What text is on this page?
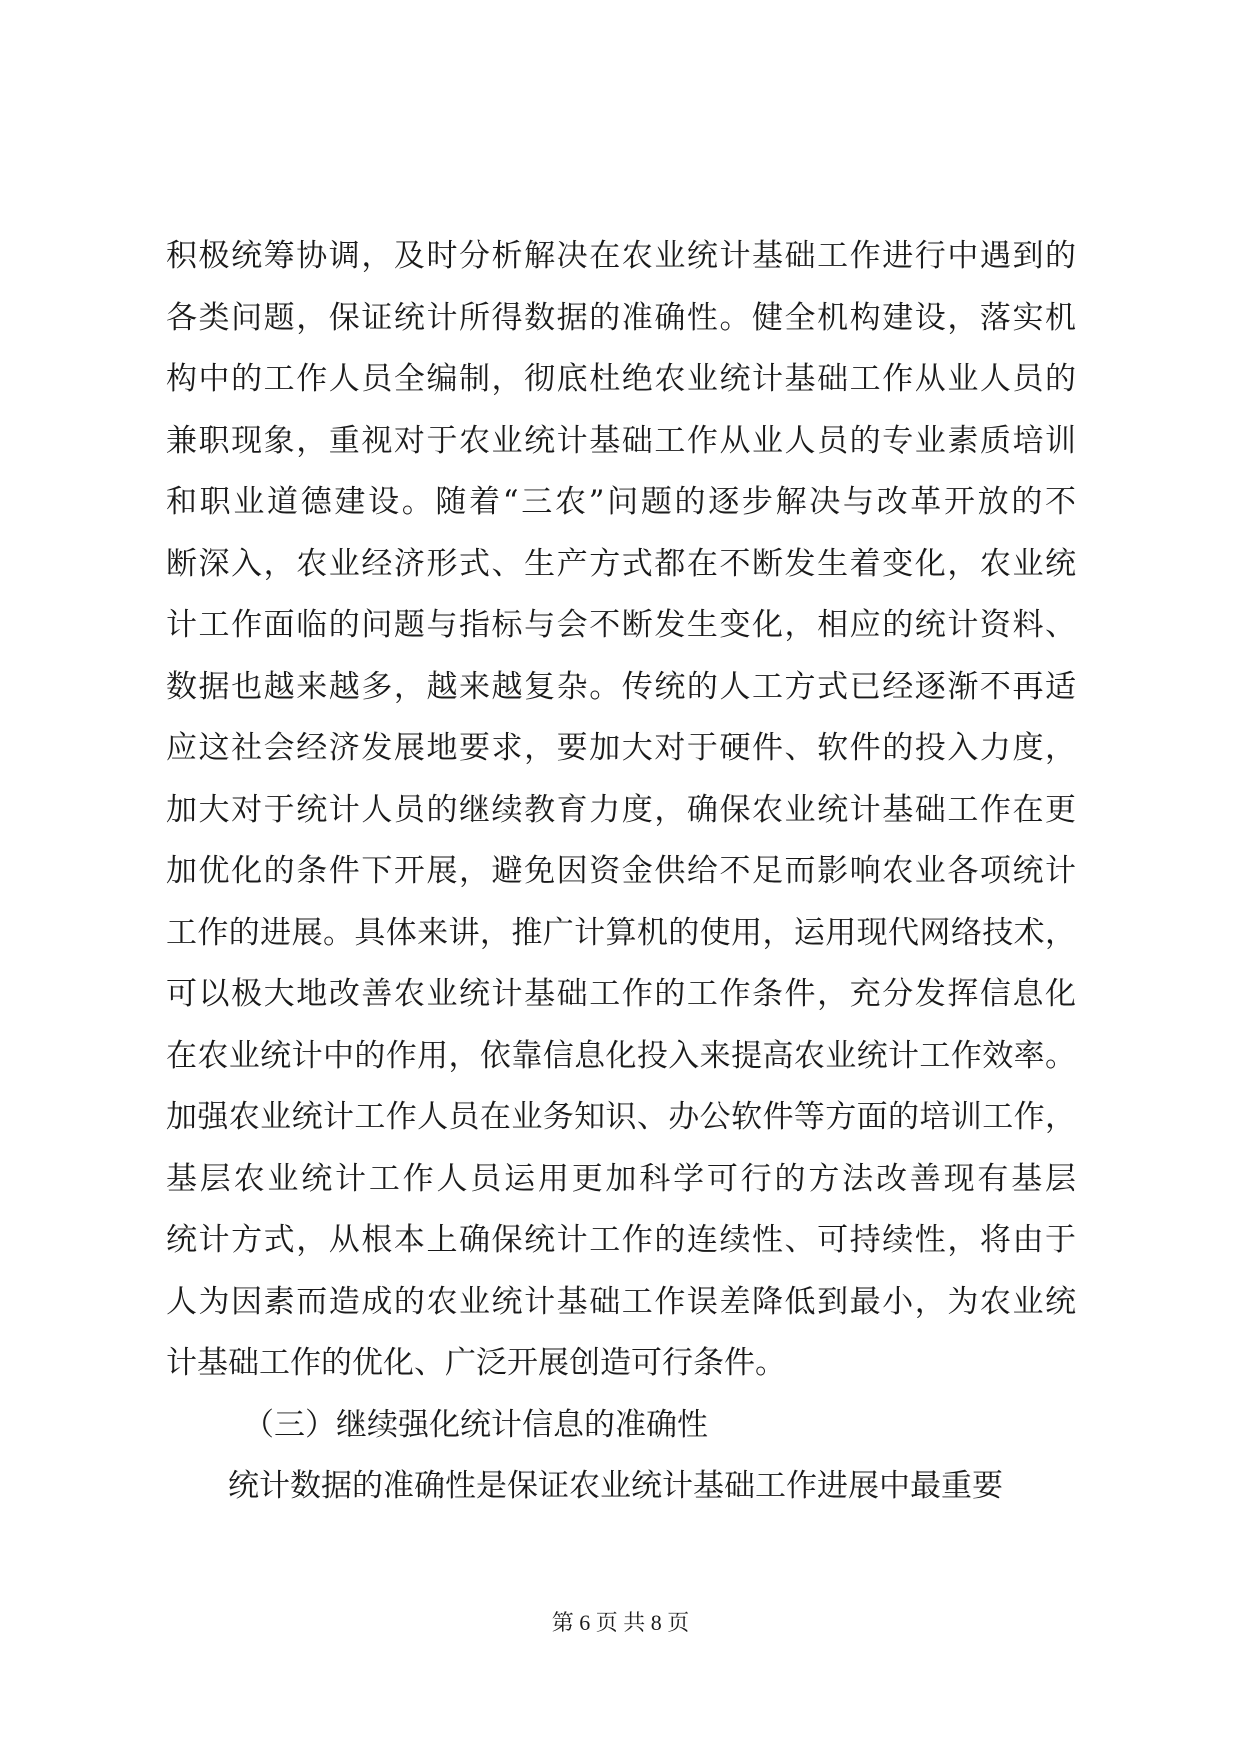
积极统筹协调，及时分析解决在农业统计基础工作进行中遇到的
各类问题，保证统计所得数据的准确性。健全机构建设，落实机
构中的工作人员全编制，彻底杜绝农业统计基础工作从业人员的
兼职现象，重视对于农业统计基础工作从业人员的专业素质培训
和职业道德建设。随着“三农”问题的逐步解决与改革开放的不
断深入，农业经济形式、生产方式都在不断发生着变化，农业统
计工作面临的问题与指标与会不断发生变化，相应的统计资料、
数据也越来越多，越来越复杂。传统的人工方式已经逐渐不再适
应这社会经济发展地要求，要加大对于硬件、软件的投入力度，
加大对于统计人员的继续教育力度，确保农业统计基础工作在更
加优化的条件下开展，避免因资金供给不足而影响农业各项统计
工作的进展。具体来讲，推广计算机的使用，运用现代网络技术，
可以极大地改善农业统计基础工作的工作条件，充分发挥信息化
在农业统计中的作用，依靠信息化投入来提高农业统计工作效率。
加强农业统计工作人员在业务知识、办公软件等方面的培训工作，
基层农业统计工作人员运用更加科学可行的方法改善现有基层
统计方式，从根本上确保统计工作的连续性、可持续性，将由于
人为因素而造成的农业统计基础工作误差降低到最小，为农业统
计基础工作的优化、广泛开展创造可行条件。
（三）继续强化统计信息的准确性
统计数据的准确性是保证农业统计基础工作进展中最重要
第 6 页 共 8 页
